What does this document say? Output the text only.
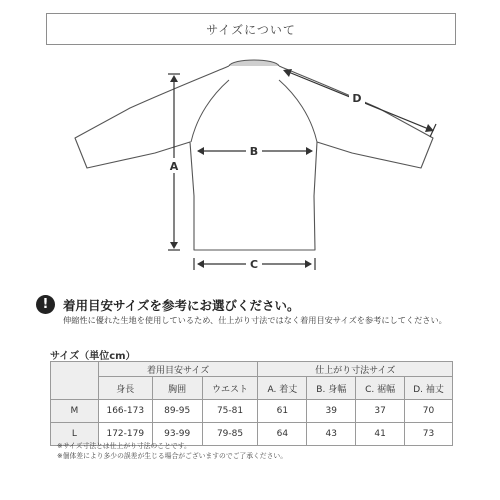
サイズについて
A
B
C
D
!	着用目安サイズを参考にお選びください。
伸縮性に優れた生地を使用しているため、仕上がり寸法ではなく着用目安サイズを参考にしてください。
サイズ（単位cm）
	着用目安サイズ			仕上がり寸法サイズ			
	身長	胸囲	ウエスト	A. 着丈	B. 身幅	C. 裾幅	D. 袖丈
M	166-173	89-95	75-81	61	39	37	70
L	172-179	93-99	79-85	64	43	41	73
※サイズ寸法とは仕上がり寸法のことです。
※個体差により多少の誤差が生じる場合がございますのでご了承ください。
